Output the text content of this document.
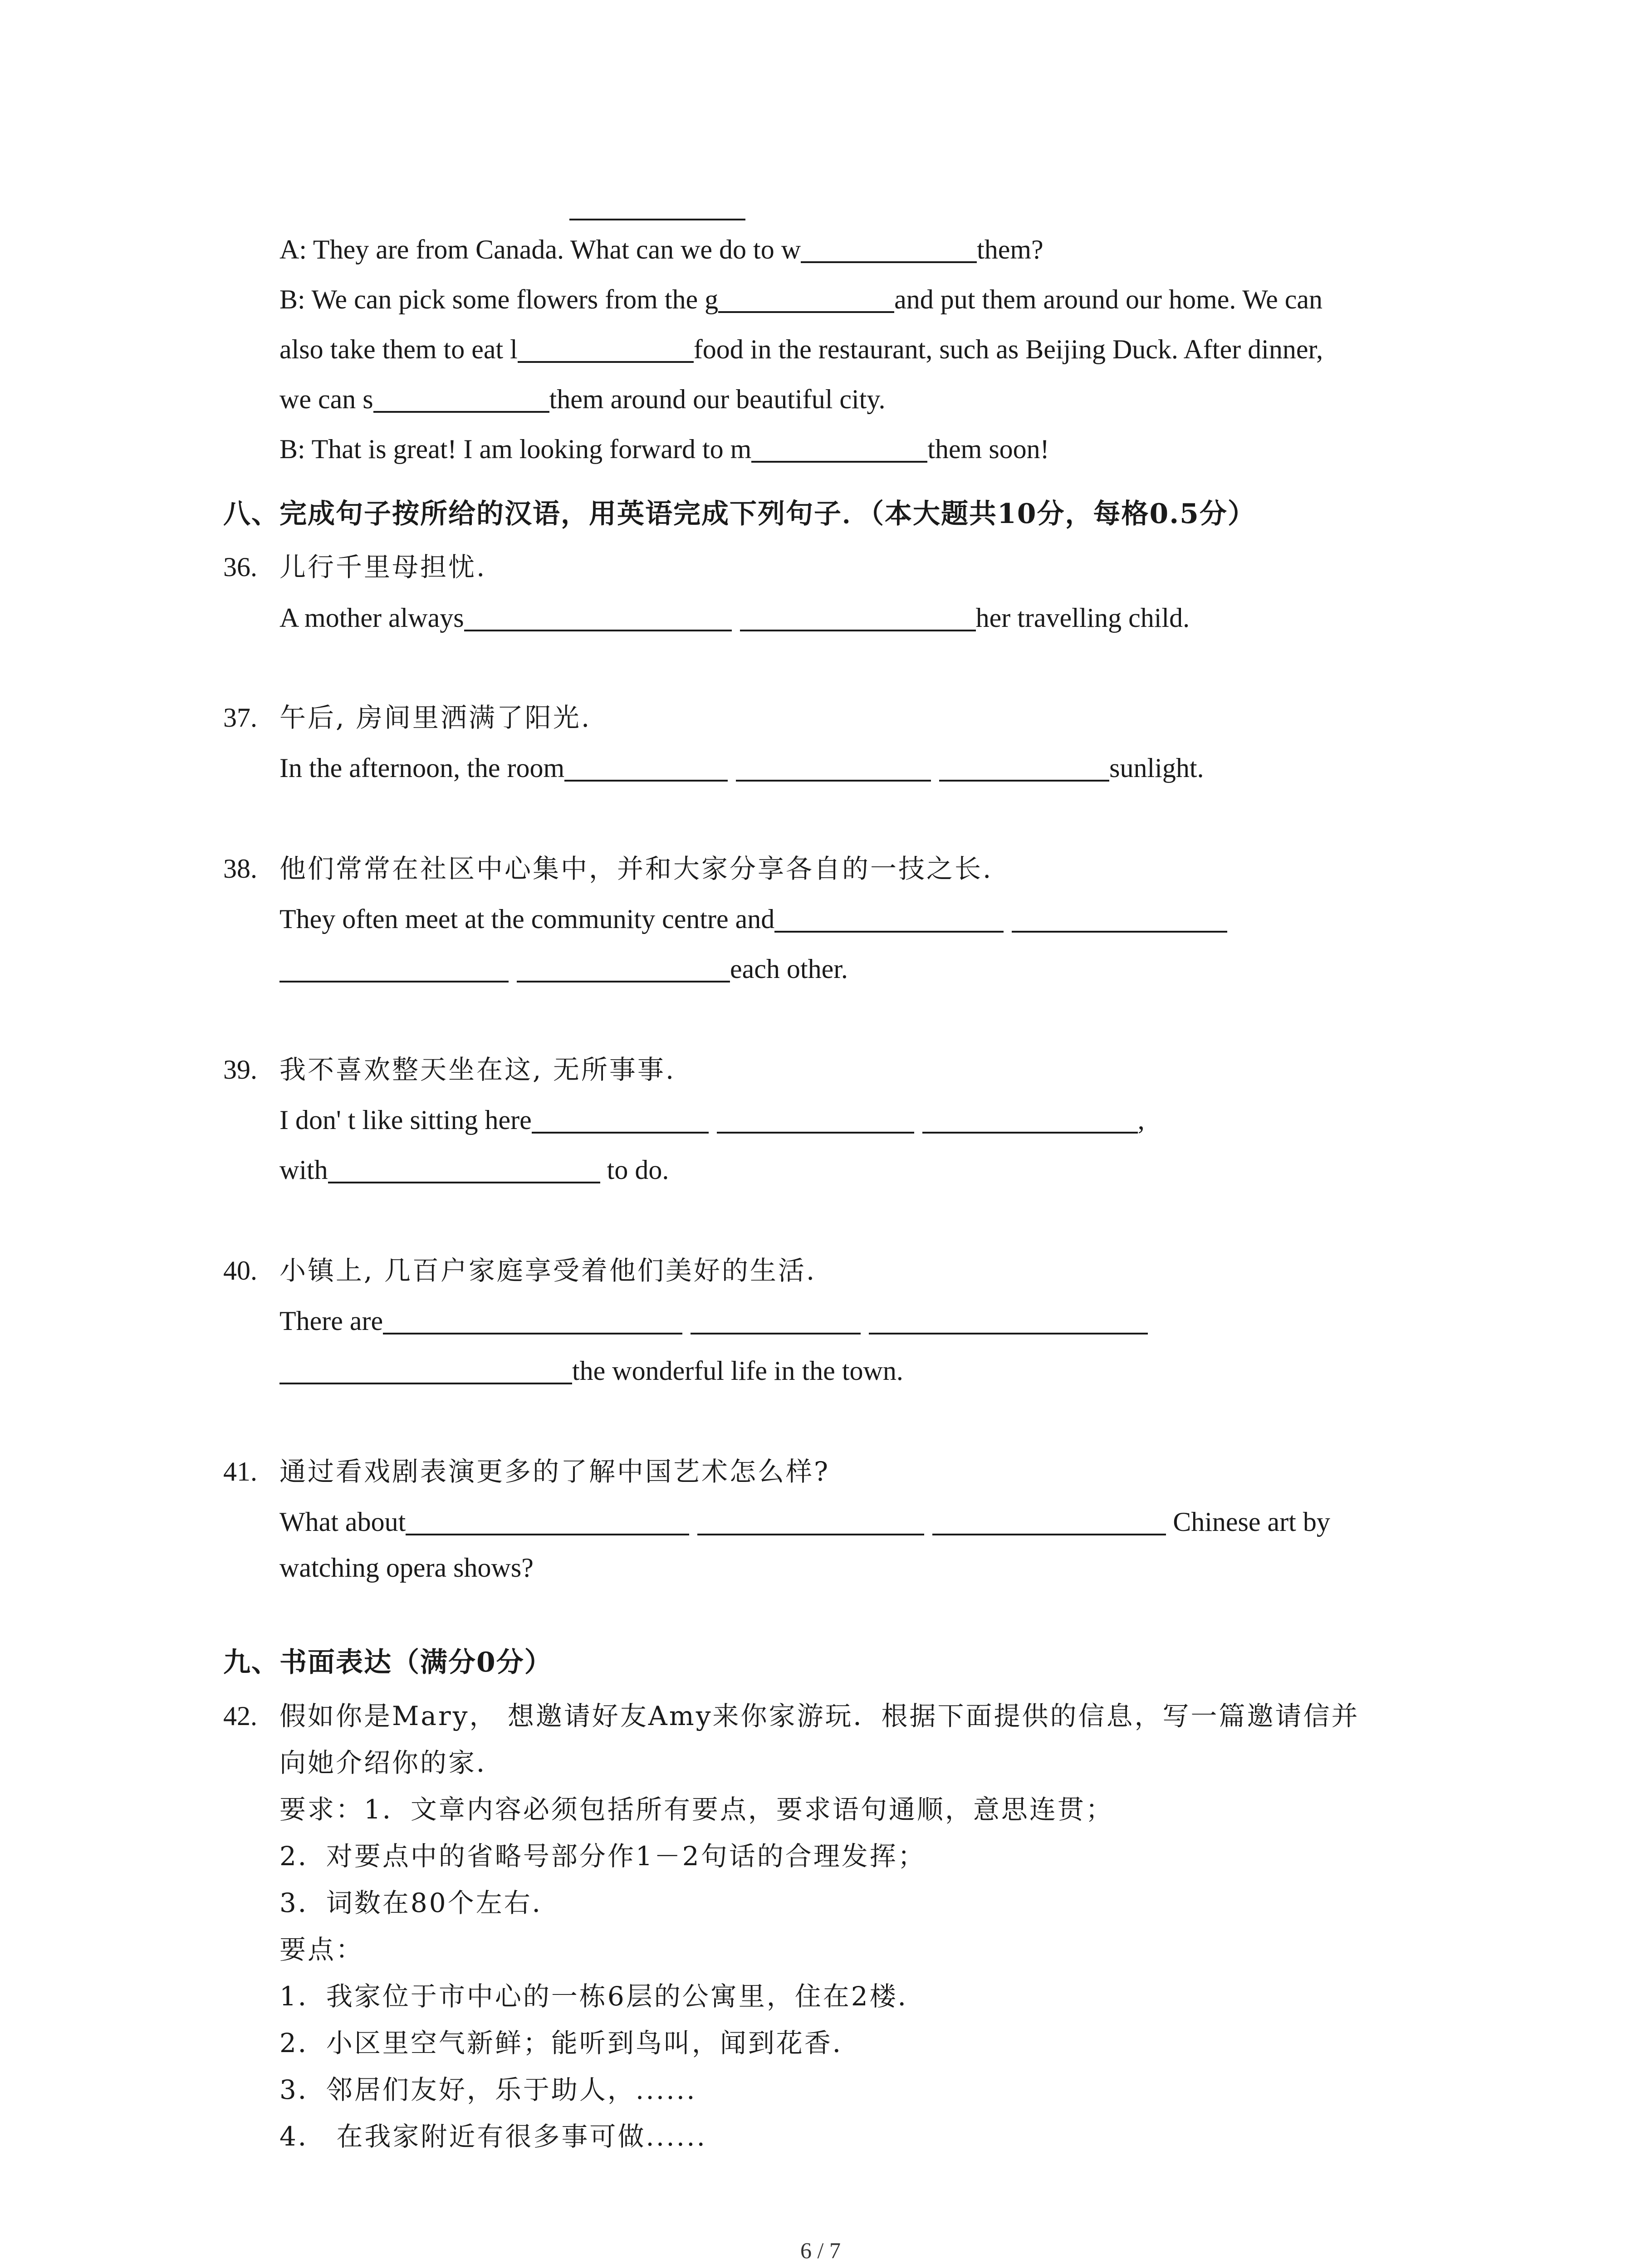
A: They are from Canada. What can we do to w	them?
B: We can pick some flowers from the g	and put them around our home. We can
also take them to eat l	food in the restaurant, such as Beijing Duck. After dinner,
we can s	them around our beautiful city.
B: That is great! I am looking forward to m	them soon!
八、完成句子按所给的汉语，用英语完成下列句子．（本大题共10分，每格0.5分）
36. 儿行千里母担忧.
A mother always	her travelling child.
37. 午后, 房间里洒满了阳光.
In the afternoon, the room	sunlight.
38. 他们常常在社区中心集中，并和大家分享各自的一技之长.
They often meet at the community centre and
each other.
39. 我不喜欢整天坐在这, 无所事事.
I don' t like sitting here	,
with	to do.
40. 小镇上, 几百户家庭享受着他们美好的生活.
There are
the wonderful life in the town.
41. 通过看戏剧表演更多的了解中国艺术怎么样?
What about	Chinese art by
watching opera shows?
九、书面表达（满分0分）
42. 假如你是Mary， 想邀请好友Amy来你家游玩．根据下面提供的信息，写一篇邀请信并
向她介绍你的家．
要求：1．文章内容必须包括所有要点，要求语句通顺，意思连贯；
2．对要点中的省略号部分作1－2句话的合理发挥；
3．词数在80个左右．
要点：
1．我家位于市中心的一栋6层的公寓里，住在2楼．
2．小区里空气新鲜；能听到鸟叫，闻到花香．
3．邻居们友好，乐于助人，......
4． 在我家附近有很多事可做......
6 / 7
